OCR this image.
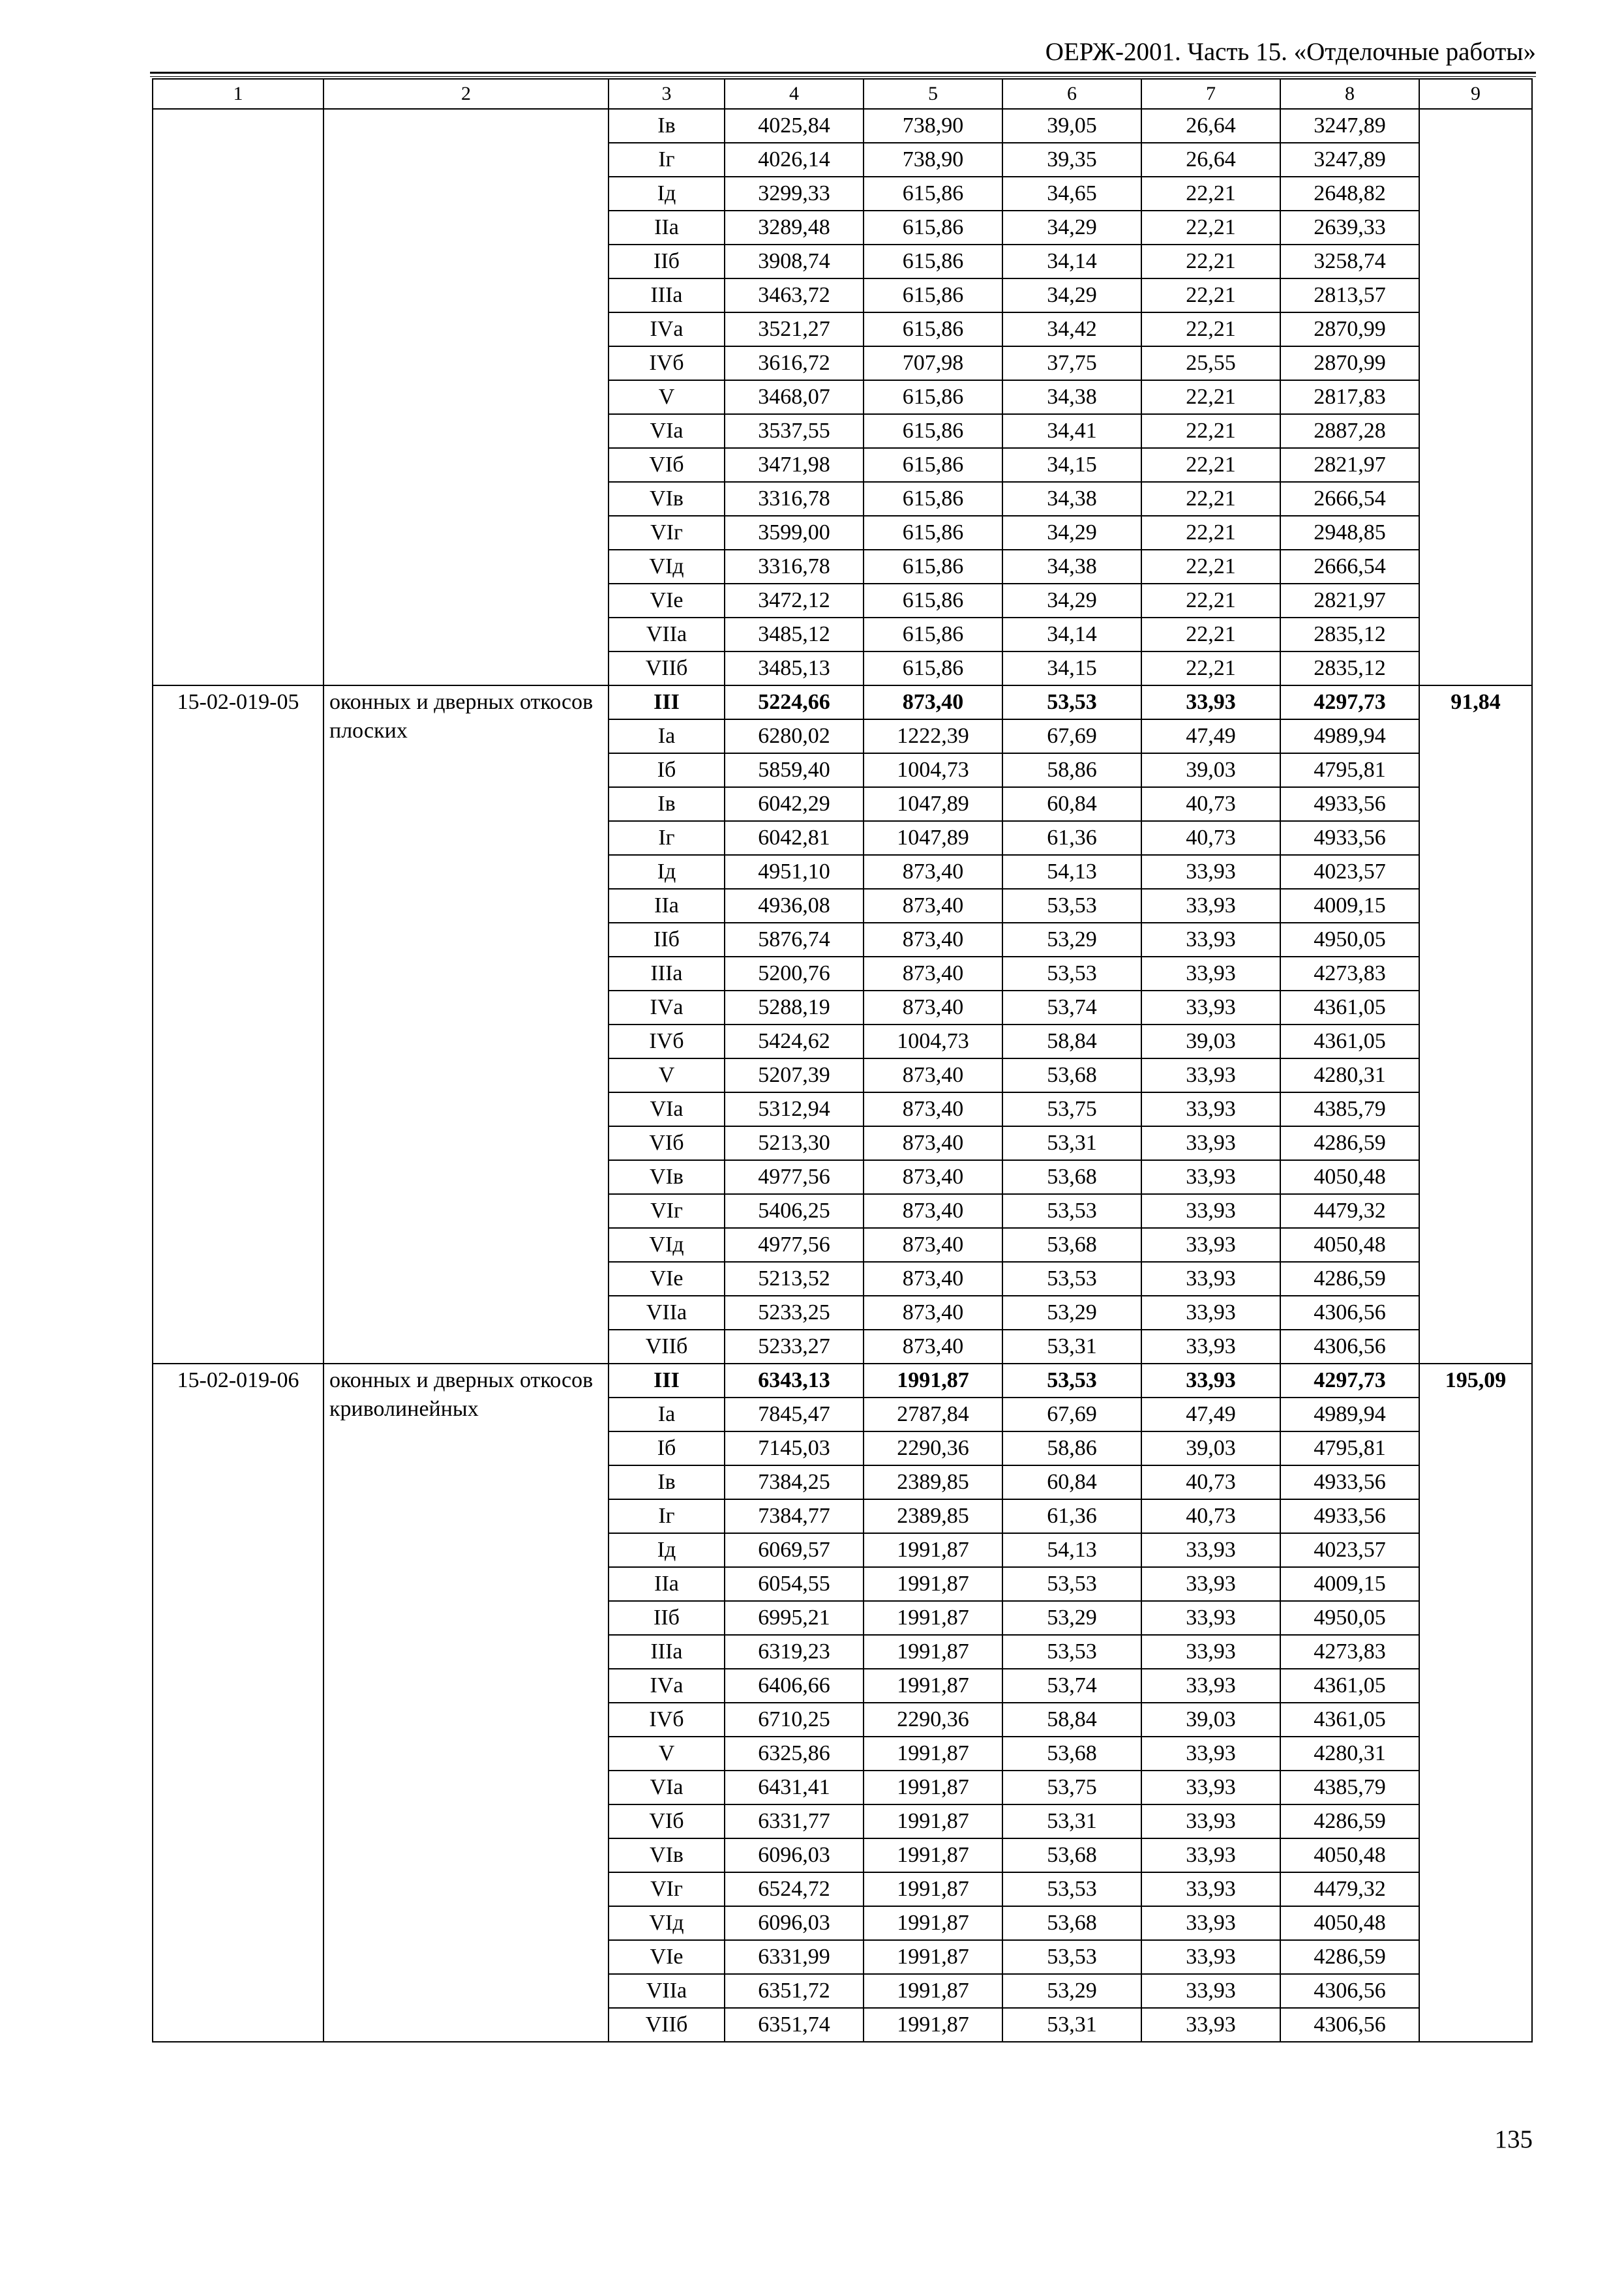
ОЕРЖ-2001. Часть 15. «Отделочные работы»
1	2	3	4	5	6	7	8	9
		Iв	4025,84	738,90	39,05	26,64	3247,89	
		Iг	4026,14	738,90	39,35	26,64	3247,89	
		Iд	3299,33	615,86	34,65	22,21	2648,82	
		IIа	3289,48	615,86	34,29	22,21	2639,33	
		IIб	3908,74	615,86	34,14	22,21	3258,74	
		IIIа	3463,72	615,86	34,29	22,21	2813,57	
		IVа	3521,27	615,86	34,42	22,21	2870,99	
		IVб	3616,72	707,98	37,75	25,55	2870,99	
		V	3468,07	615,86	34,38	22,21	2817,83	
		VIа	3537,55	615,86	34,41	22,21	2887,28	
		VIб	3471,98	615,86	34,15	22,21	2821,97	
		VIв	3316,78	615,86	34,38	22,21	2666,54	
		VIг	3599,00	615,86	34,29	22,21	2948,85	
		VIд	3316,78	615,86	34,38	22,21	2666,54	
		VIе	3472,12	615,86	34,29	22,21	2821,97	
		VIIа	3485,12	615,86	34,14	22,21	2835,12	
		VIIб	3485,13	615,86	34,15	22,21	2835,12	
15-02-019-05	оконных и дверных откосов плоских	III	5224,66	873,40	53,53	33,93	4297,73	91,84
		Iа	6280,02	1222,39	67,69	47,49	4989,94	
		Iб	5859,40	1004,73	58,86	39,03	4795,81	
		Iв	6042,29	1047,89	60,84	40,73	4933,56	
		Iг	6042,81	1047,89	61,36	40,73	4933,56	
		Iд	4951,10	873,40	54,13	33,93	4023,57	
		IIа	4936,08	873,40	53,53	33,93	4009,15	
		IIб	5876,74	873,40	53,29	33,93	4950,05	
		IIIа	5200,76	873,40	53,53	33,93	4273,83	
		IVа	5288,19	873,40	53,74	33,93	4361,05	
		IVб	5424,62	1004,73	58,84	39,03	4361,05	
		V	5207,39	873,40	53,68	33,93	4280,31	
		VIа	5312,94	873,40	53,75	33,93	4385,79	
		VIб	5213,30	873,40	53,31	33,93	4286,59	
		VIв	4977,56	873,40	53,68	33,93	4050,48	
		VIг	5406,25	873,40	53,53	33,93	4479,32	
		VIд	4977,56	873,40	53,68	33,93	4050,48	
		VIе	5213,52	873,40	53,53	33,93	4286,59	
		VIIа	5233,25	873,40	53,29	33,93	4306,56	
		VIIб	5233,27	873,40	53,31	33,93	4306,56	
15-02-019-06	оконных и дверных откосов криволинейных	III	6343,13	1991,87	53,53	33,93	4297,73	195,09
		Iа	7845,47	2787,84	67,69	47,49	4989,94	
		Iб	7145,03	2290,36	58,86	39,03	4795,81	
		Iв	7384,25	2389,85	60,84	40,73	4933,56	
		Iг	7384,77	2389,85	61,36	40,73	4933,56	
		Iд	6069,57	1991,87	54,13	33,93	4023,57	
		IIа	6054,55	1991,87	53,53	33,93	4009,15	
		IIб	6995,21	1991,87	53,29	33,93	4950,05	
		IIIа	6319,23	1991,87	53,53	33,93	4273,83	
		IVа	6406,66	1991,87	53,74	33,93	4361,05	
		IVб	6710,25	2290,36	58,84	39,03	4361,05	
		V	6325,86	1991,87	53,68	33,93	4280,31	
		VIа	6431,41	1991,87	53,75	33,93	4385,79	
		VIб	6331,77	1991,87	53,31	33,93	4286,59	
		VIв	6096,03	1991,87	53,68	33,93	4050,48	
		VIг	6524,72	1991,87	53,53	33,93	4479,32	
		VIд	6096,03	1991,87	53,68	33,93	4050,48	
		VIе	6331,99	1991,87	53,53	33,93	4286,59	
		VIIа	6351,72	1991,87	53,29	33,93	4306,56	
		VIIб	6351,74	1991,87	53,31	33,93	4306,56	
135
